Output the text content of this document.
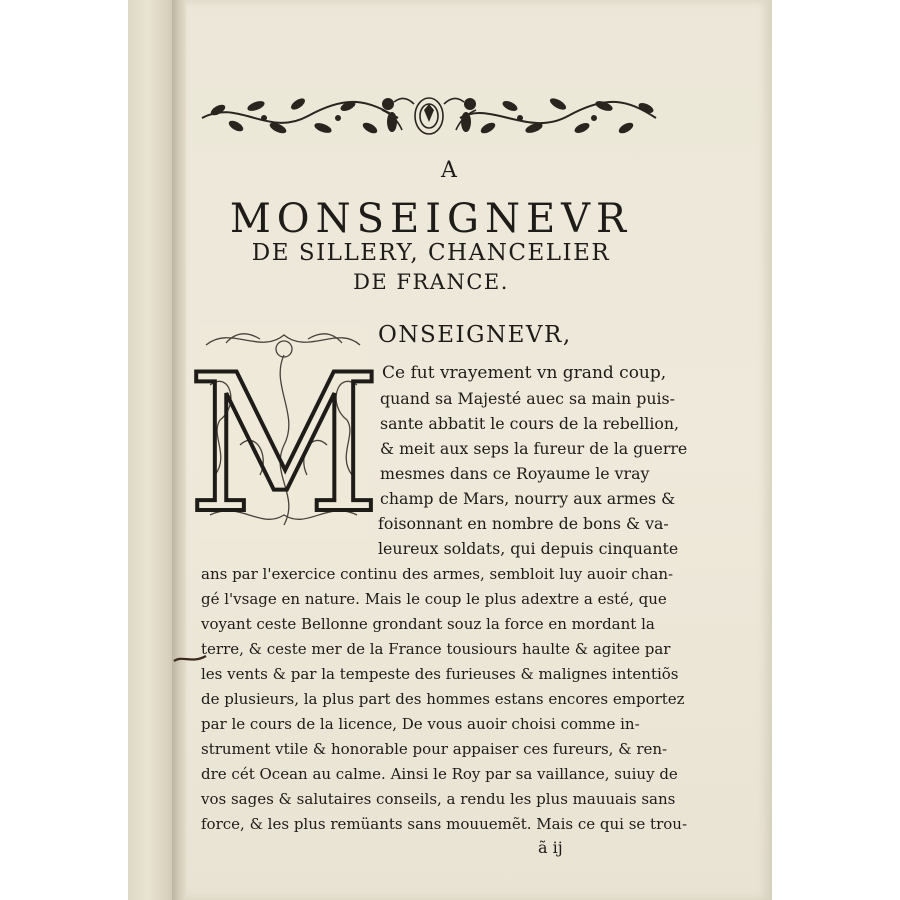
A
MONSEIGNEVR
DE SILLERY, CHANCELIER
DE FRANCE.
M
ONSEIGNEVR,
Ce fut vrayement vn grand coup,
quand sa Majesté auec sa main puis-
sante abbatit le cours de la rebellion,
& meit aux seps la fureur de la guerre
mesmes dans ce Royaume le vray
champ de Mars, nourry aux armes &
foisonnant en nombre de bons & va-
leureux soldats, qui depuis cinquante
ans par l'exercice continu des armes, sembloit luy auoir chan-
gé l'vsage en nature. Mais le coup le plus adextre a esté, que
voyant ceste Bellonne grondant souz la force en mordant la
terre, & ceste mer de la France tousiours haulte & agitee par
les vents & par la tempeste des furieuses & malignes intentiõs
de plusieurs, la plus part des hommes estans encores emportez
par le cours de la licence, De vous auoir choisi comme in-
strument vtile & honorable pour appaiser ces fureurs, & ren-
dre cét Ocean au calme. Ainsi le Roy par sa vaillance, suiuy de
vos sages & salutaires conseils, a rendu les plus mauuais sans
force, & les plus remüants sans mouuemẽt. Mais ce qui se trou-
ã ij
